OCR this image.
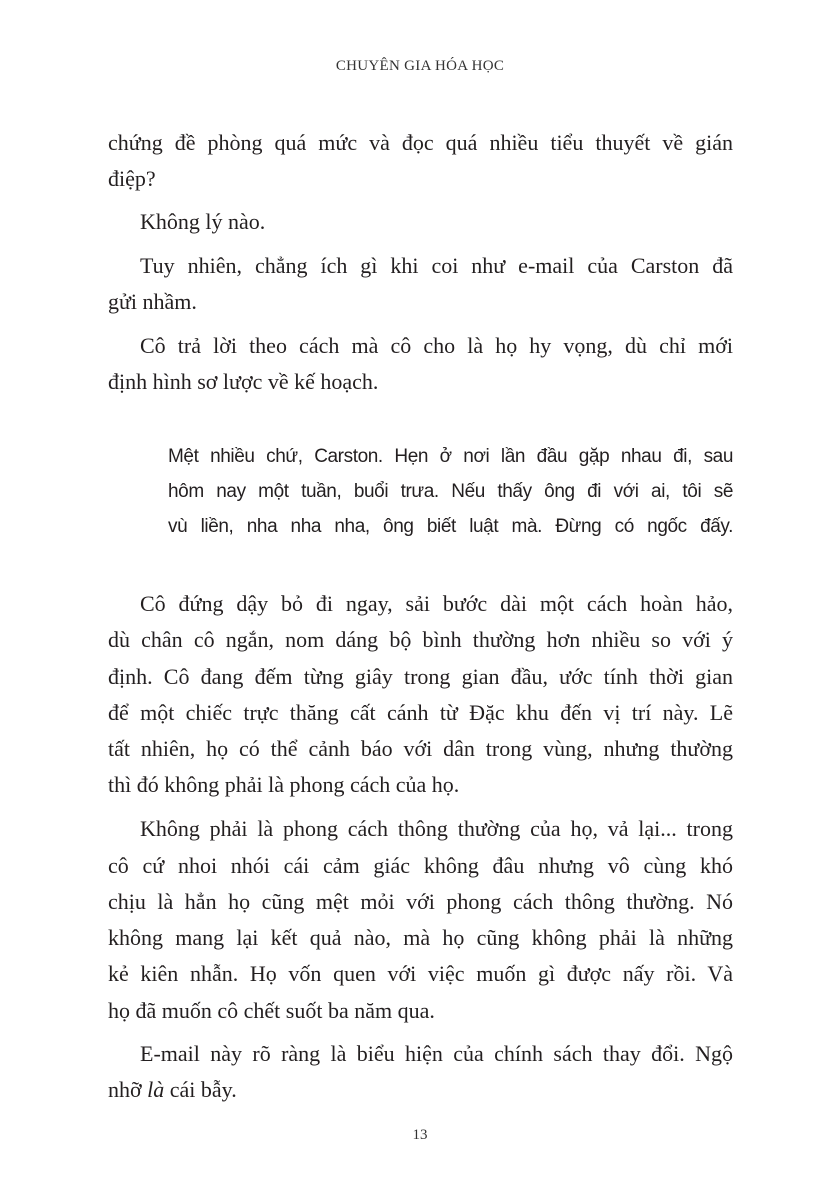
CHUYÊN GIA HÓA HỌC
chứng đề phòng quá mức và đọc quá nhiều tiểu thuyết về gián
điệp?
Không lý nào.
Tuy nhiên, chẳng ích gì khi coi như e-mail của Carston đã
gửi nhầm.
Cô trả lời theo cách mà cô cho là họ hy vọng, dù chỉ mới
định hình sơ lược về kế hoạch.
Mệt nhiều chứ, Carston. Hẹn ở nơi lần đầu gặp nhau đi, sau
hôm nay một tuần, buổi trưa. Nếu thấy ông đi với ai, tôi sẽ
vù liền, nha nha nha, ông biết luật mà. Đừng có ngốc đấy.
Cô đứng dậy bỏ đi ngay, sải bước dài một cách hoàn hảo,
dù chân cô ngắn, nom dáng bộ bình thường hơn nhiều so với ý
định. Cô đang đếm từng giây trong gian đầu, ước tính thời gian
để một chiếc trực thăng cất cánh từ Đặc khu đến vị trí này. Lẽ
tất nhiên, họ có thể cảnh báo với dân trong vùng, nhưng thường
thì đó không phải là phong cách của họ.
Không phải là phong cách thông thường của họ, vả lại... trong
cô cứ nhoi nhói cái cảm giác không đâu nhưng vô cùng khó
chịu là hẳn họ cũng mệt mỏi với phong cách thông thường. Nó
không mang lại kết quả nào, mà họ cũng không phải là những
kẻ kiên nhẫn. Họ vốn quen với việc muốn gì được nấy rồi. Và
họ đã muốn cô chết suốt ba năm qua.
E-mail này rõ ràng là biểu hiện của chính sách thay đổi. Ngộ
nhỡ là cái bẫy.
13
